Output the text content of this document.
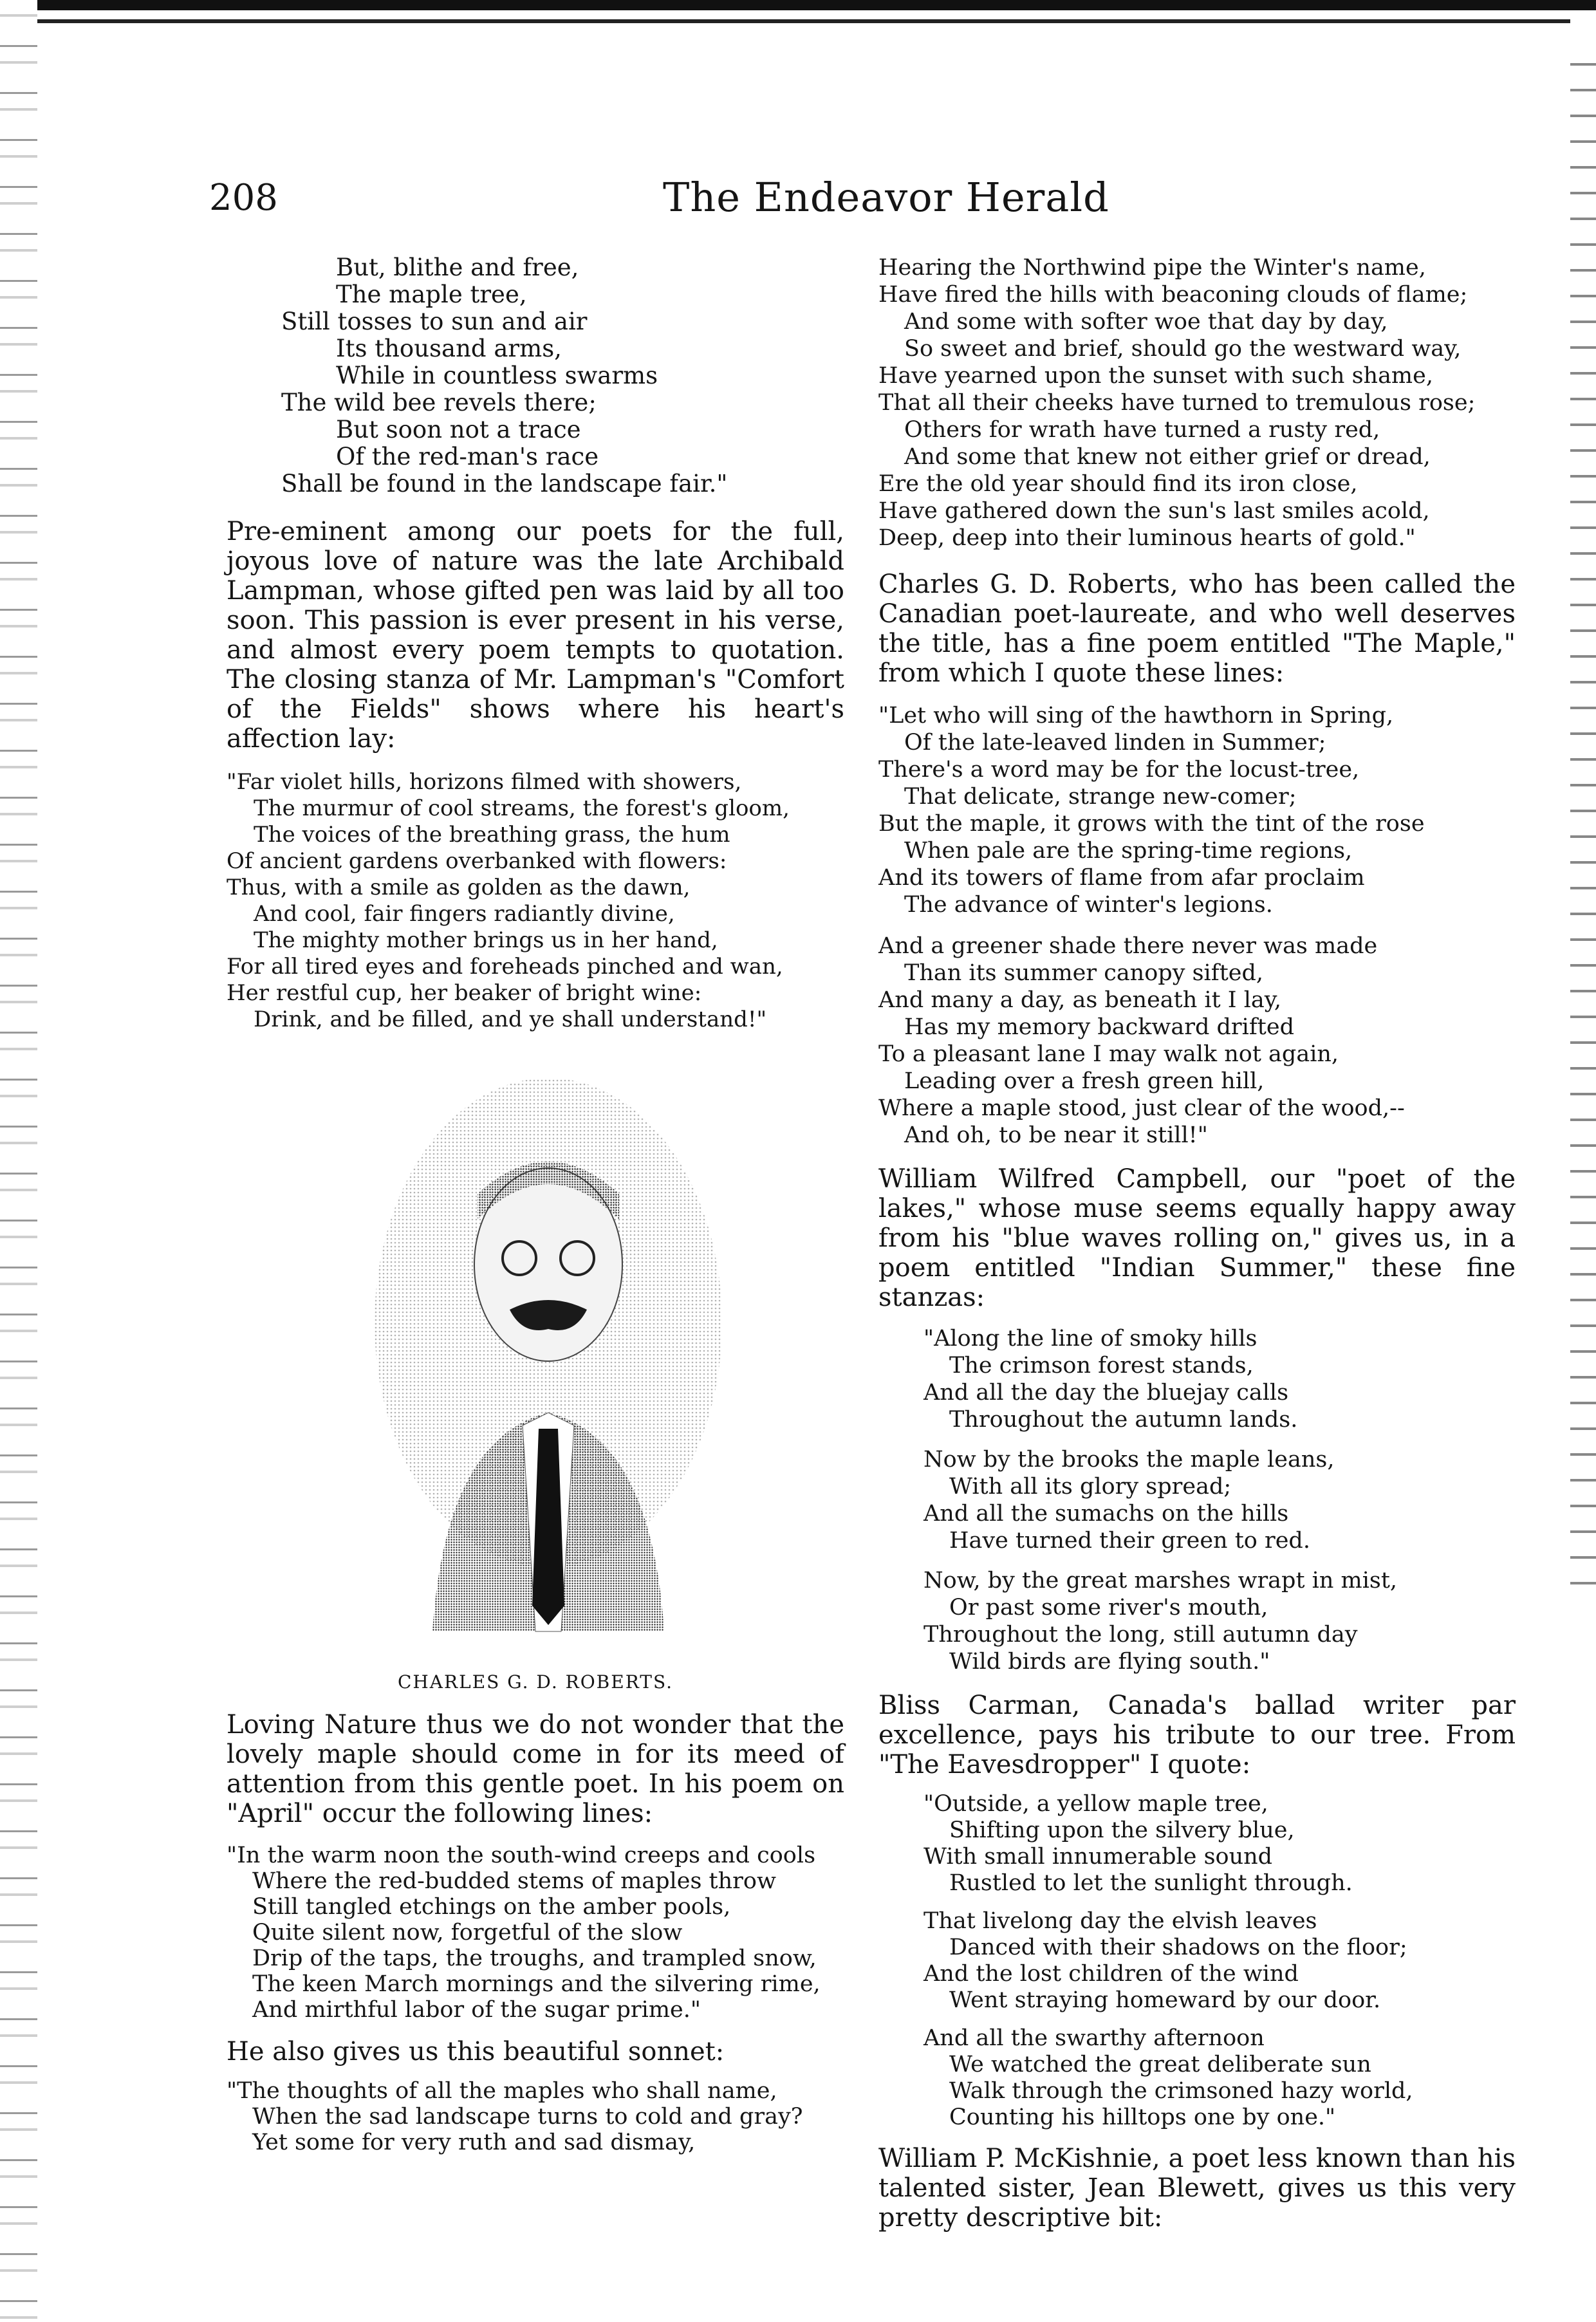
208	The Endeavor Herald
But, blithe and free,
The maple tree,
Still tosses to sun and air
Its thousand arms,
While in countless swarms
The wild bee revels there;
But soon not a trace
Of the red-man's race
Shall be found in the landscape fair."

Pre-eminent among our poets for the full, joyous love of nature was the late Archibald Lampman, whose gifted pen was laid by all too soon. This passion is ever present in his verse, and almost every poem tempts to quotation. The closing stanza of Mr. Lampman's "Comfort of the Fields" shows where his heart's affection lay:

"Far violet hills, horizons filmed with showers,
The murmur of cool streams, the forest's gloom,
The voices of the breathing grass, the hum
Of ancient gardens overbanked with flowers:
Thus, with a smile as golden as the dawn,
And cool, fair fingers radiantly divine,
The mighty mother brings us in her hand,
For all tired eyes and foreheads pinched and wan,
Her restful cup, her beaker of bright wine:
Drink, and be filled, and ye shall understand!"
CHARLES G. D. ROBERTS.

Loving Nature thus we do not wonder that the lovely maple should come in for its meed of attention from this gentle poet. In his poem on "April" occur the following lines:

"In the warm noon the south-wind creeps and cools
Where the red-budded stems of maples throw
Still tangled etchings on the amber pools,
Quite silent now, forgetful of the slow
Drip of the taps, the troughs, and trampled snow,
The keen March mornings and the silvering rime,
And mirthful labor of the sugar prime."

He also gives us this beautiful sonnet:

"The thoughts of all the maples who shall name,
When the sad landscape turns to cold and gray?
Yet some for very ruth and sad dismay,
Hearing the Northwind pipe the Winter's name,
Have fired the hills with beaconing clouds of flame;
And some with softer woe that day by day,
So sweet and brief, should go the westward way,
Have yearned upon the sunset with such shame,
That all their cheeks have turned to tremulous rose;
Others for wrath have turned a rusty red,
And some that knew not either grief or dread,
Ere the old year should find its iron close,
Have gathered down the sun's last smiles acold,
Deep, deep into their luminous hearts of gold."

Charles G. D. Roberts, who has been called the Canadian poet-laureate, and who well deserves the title, has a fine poem entitled "The Maple," from which I quote these lines:

"Let who will sing of the hawthorn in Spring,
Of the late-leaved linden in Summer;
There's a word may be for the locust-tree,
That delicate, strange new-comer;
But the maple, it grows with the tint of the rose
When pale are the spring-time regions,
And its towers of flame from afar proclaim
The advance of winter's legions.
And a greener shade there never was made
Than its summer canopy sifted,
And many a day, as beneath it I lay,
Has my memory backward drifted
To a pleasant lane I may walk not again,
Leading over a fresh green hill,
Where a maple stood, just clear of the wood,--
And oh, to be near it still!"

William Wilfred Campbell, our "poet of the lakes," whose muse seems equally happy away from his "blue waves rolling on," gives us, in a poem entitled "Indian Summer," these fine stanzas:

"Along the line of smoky hills
The crimson forest stands,
And all the day the bluejay calls
Throughout the autumn lands.
Now by the brooks the maple leans,
With all its glory spread;
And all the sumachs on the hills
Have turned their green to red.
Now, by the great marshes wrapt in mist,
Or past some river's mouth,
Throughout the long, still autumn day
Wild birds are flying south."

Bliss Carman, Canada's ballad writer par excellence, pays his tribute to our tree. From "The Eavesdropper" I quote:

"Outside, a yellow maple tree,
Shifting upon the silvery blue,
With small innumerable sound
Rustled to let the sunlight through.
That livelong day the elvish leaves
Danced with their shadows on the floor;
And the lost children of the wind
Went straying homeward by our door.
And all the swarthy afternoon
We watched the great deliberate sun
Walk through the crimsoned hazy world,
Counting his hilltops one by one."

William P. McKishnie, a poet less known than his talented sister, Jean Blewett, gives us this very pretty descriptive bit:
